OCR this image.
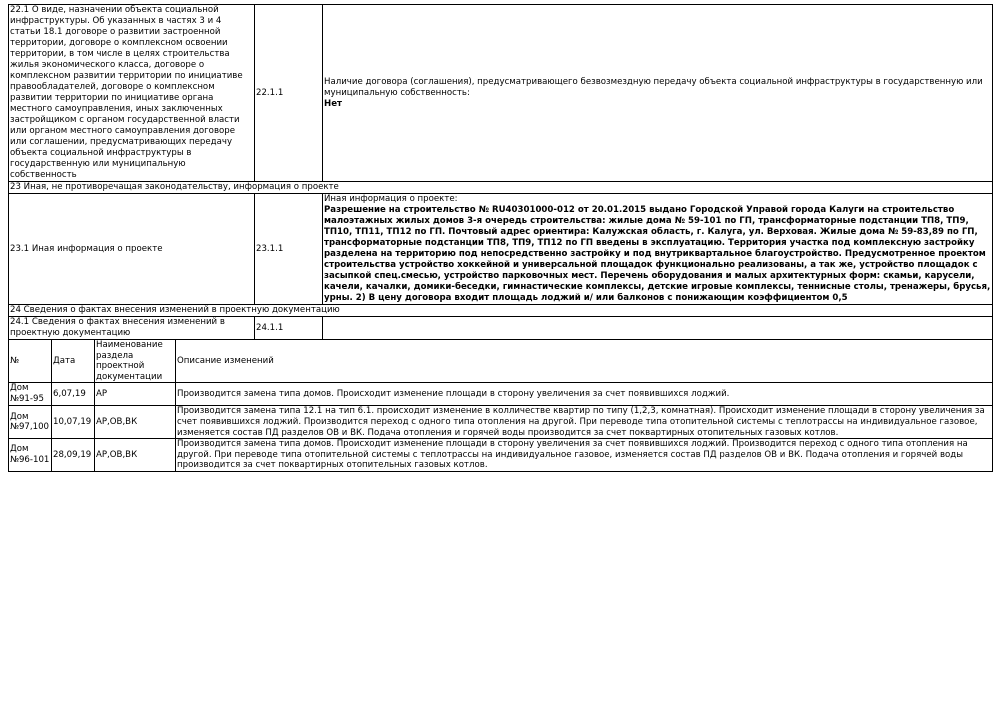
22.1 О виде, назначении объекта социальной инфраструктуры. Об указанных в частях 3 и 4 статьи 18.1 договоре о развитии застроенной территории, договоре о комплексном освоении территории, в том числе в целях строительства жилья экономического класса, договоре о комплексном развитии территории по инициативе правообладателей, договоре о комплексном развитии территории по инициативе органа местного самоуправления, иных заключенных застройщиком с органом государственной власти или органом местного самоуправления договоре или соглашении, предусматривающих передачу объекта социальной инфраструктуры в государственную или муниципальную собственность	22.1.1	Наличие договора (соглашения), предусматривающего безвозмездную передачу объекта социальной инфраструктуры в государственную или муниципальную собственность:
Нет

23 Иная, не противоречащая законодательству, информация о проекте		
23.1 Иная информация о проекте	23.1.1	Иная информация о проекте:
Разрешение на строительство № RU40301000-012 от 20.01.2015 выдано Городской Управой города Калуги на строительство малоэтажных жилых домов 3-я очередь строительства: жилые дома № 59-101 по ГП, трансформаторные подстанции ТП8, ТП9, ТП10, ТП11, ТП12 по ГП. Почтовый адрес ориентира: Калужская область, г. Калуга, ул. Верховая. Жилые дома № 59-83,89 по ГП, трансформаторные подстанции ТП8, ТП9, ТП12 по ГП введены в эксплуатацию. Территория участка под комплексную застройку разделена на территорию под непосредственно застройку и под внутриквартальное благоустройство. Предусмотренное проектом строительства устройство хоккейной и универсальной площадок функционально реализованы, а так же, устройство площадок с засыпкой спец.смесью, устройство парковочных мест. Перечень оборудования и малых архитектурных форм: скамьи, карусели, качели, качалки, домики-беседки, гимнастические комплексы, детские игровые комплексы, теннисные столы, тренажеры, брусья, урны. 2) В цену договора входит площадь лоджий и/ или балконов с понижающим коэффициентом 0,5

24 Сведения о фактах внесения изменений в проектную документацию		
24.1 Сведения о фактах внесения изменений в проектную документацию	24.1.1	
№	Дата	Наименование раздела проектной документации	Описание изменений
Дом №91-95	6,07,19	АР	Производится замена типа домов. Происходит изменение площади в сторону увеличения за счет появившихся лоджий.
Дом №97,100	10,07,19	АР,ОВ,ВК	Производится замена типа 12.1 на тип 6.1. происходит изменение в колличестве квартир по типу (1,2,3, комнатная). Происходит изменение площади в сторону увеличения за счет появившихся лоджий. Производится переход с одного типа отопления на другой. При переводе типа отопительной системы с теплотрассы на индивидуальное газовое, изменяется состав ПД разделов ОВ и ВК. Подача отопления и горячей воды производится за счет поквартирных отопительных газовых котлов.
Дом №96-101	28,09,19	АР,ОВ,ВК	Производится замена типа домов. Происходит изменение площади в сторону увеличения за счет появившихся лоджий. Производится переход с одного типа отопления на другой. При переводе типа отопительной системы с теплотрассы на индивидуальное газовое, изменяется состав ПД разделов ОВ и ВК. Подача отопления и горячей воды производится за счет поквартирных отопительных газовых котлов.
